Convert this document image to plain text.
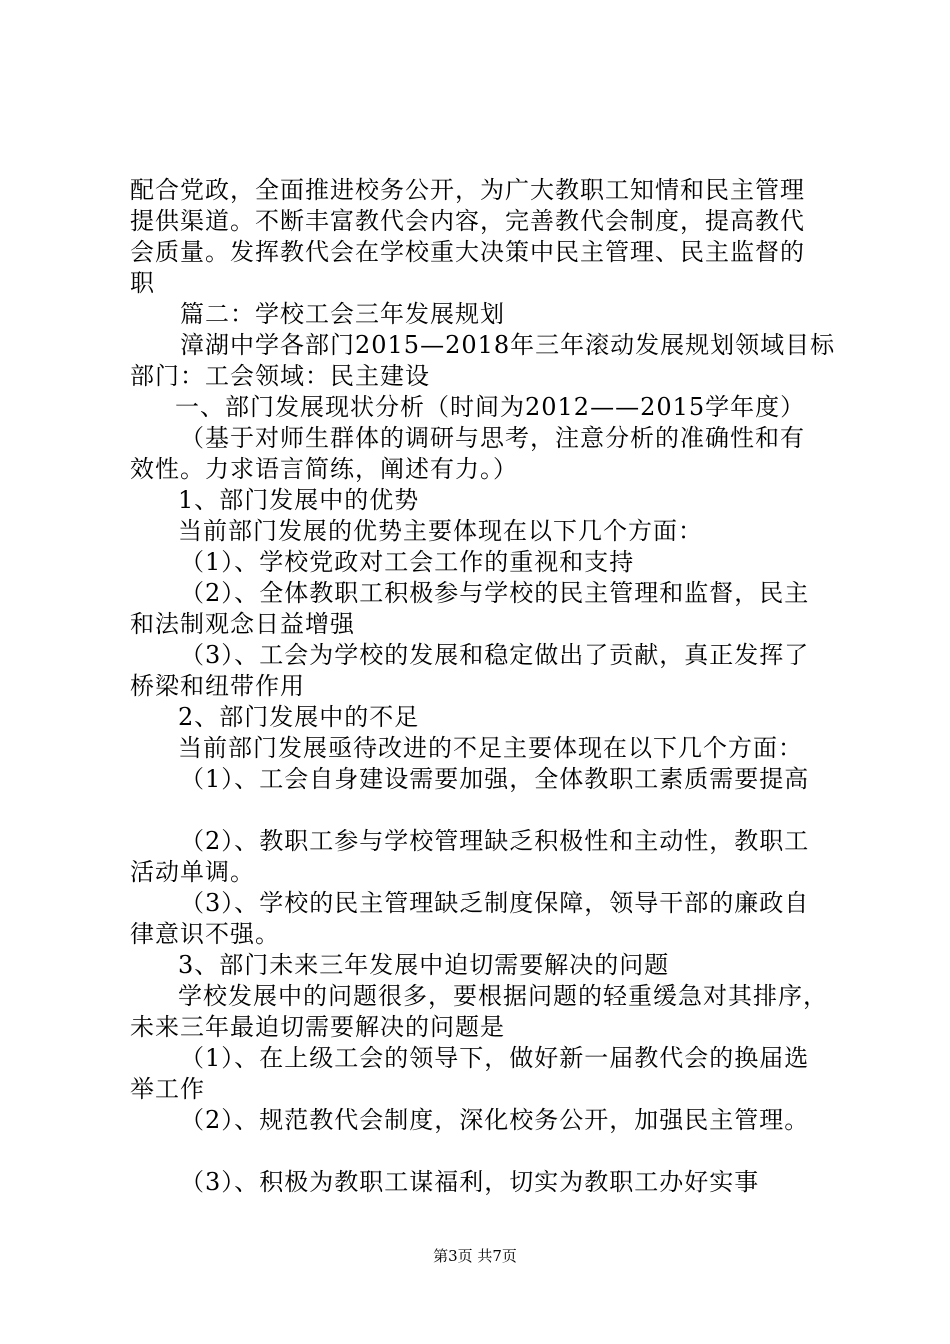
配合党政，全面推进校务公开，为广大教职工知情和民主管理
提供渠道。不断丰富教代会内容，完善教代会制度，提高教代
会质量。发挥教代会在学校重大决策中民主管理、民主监督的
职
篇二：学校工会三年发展规划
漳湖中学各部门2015—2018年三年滚动发展规划领域目标
部门：工会领域：民主建设
一、部门发展现状分析（时间为2012——2015学年度）
（基于对师生群体的调研与思考，注意分析的准确性和有
效性。力求语言简练，阐述有力。）
1、部门发展中的优势
当前部门发展的优势主要体现在以下几个方面：
（1）、学校党政对工会工作的重视和支持
（2）、全体教职工积极参与学校的民主管理和监督，民主
和法制观念日益增强
（3）、工会为学校的发展和稳定做出了贡献，真正发挥了
桥梁和纽带作用
2、部门发展中的不足
当前部门发展亟待改进的不足主要体现在以下几个方面：
（1）、工会自身建设需要加强，全体教职工素质需要提高
（2）、教职工参与学校管理缺乏积极性和主动性，教职工
活动单调。
（3）、学校的民主管理缺乏制度保障，领导干部的廉政自
律意识不强。
3、部门未来三年发展中迫切需要解决的问题
学校发展中的问题很多，要根据问题的轻重缓急对其排序，
未来三年最迫切需要解决的问题是
（1）、在上级工会的领导下，做好新一届教代会的换届选
举工作
（2）、规范教代会制度，深化校务公开，加强民主管理。
（3）、积极为教职工谋福利，切实为教职工办好实事
第3页 共7页
